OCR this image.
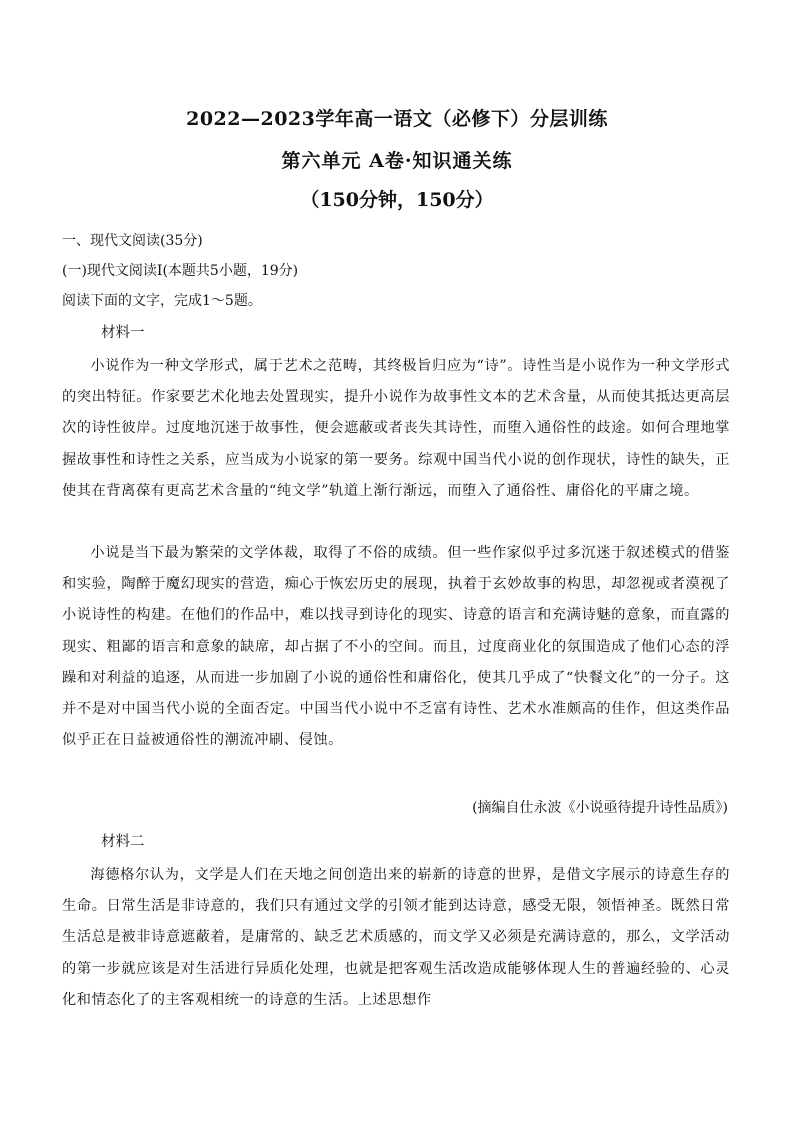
2022—2023学年高一语文（必修下）分层训练
第六单元 A卷·知识通关练
（150分钟，150分）
一、现代文阅读(35分)
(一)现代文阅读Ⅰ(本题共5小题，19分)
阅读下面的文字，完成1～5题。
材料一

小说作为一种文学形式，属于艺术之范畴，其终极旨归应为“诗”。诗性当是小说作为一种文学形式的突出特征。作家要艺术化地去处置现实，提升小说作为故事性文本的艺术含量，从而使其抵达更高层次的诗性彼岸。过度地沉迷于故事性，便会遮蔽或者丧失其诗性，而堕入通俗性的歧途。如何合理地掌握故事性和诗性之关系，应当成为小说家的第一要务。综观中国当代小说的创作现状，诗性的缺失，正使其在背离葆有更高艺术含量的“纯文学”轨道上渐行渐远，而堕入了通俗性、庸俗化的平庸之境。

小说是当下最为繁荣的文学体裁，取得了不俗的成绩。但一些作家似乎过多沉迷于叙述模式的借鉴和实验，陶醉于魔幻现实的营造，痴心于恢宏历史的展现，执着于玄妙故事的构思，却忽视或者漠视了小说诗性的构建。在他们的作品中，难以找寻到诗化的现实、诗意的语言和充满诗魅的意象，而直露的现实、粗鄙的语言和意象的缺席，却占据了不小的空间。而且，过度商业化的氛围造成了他们心态的浮躁和对利益的追逐，从而进一步加剧了小说的通俗性和庸俗化，使其几乎成了“快餐文化”的一分子。这并不是对中国当代小说的全面否定。中国当代小说中不乏富有诗性、艺术水准颇高的佳作，但这类作品似乎正在日益被通俗性的潮流冲刷、侵蚀。

(摘编自仕永波《小说亟待提升诗性品质》)
材料二

海德格尔认为，文学是人们在天地之间创造出来的崭新的诗意的世界，是借文字展示的诗意生存的生命。日常生活是非诗意的，我们只有通过文学的引领才能到达诗意，感受无限，领悟神圣。既然日常生活总是被非诗意遮蔽着，是庸常的、缺乏艺术质感的，而文学又必须是充满诗意的，那么，文学活动的第一步就应该是对生活进行异质化处理，也就是把客观生活改造成能够体现人生的普遍经验的、心灵化和情态化了的主客观相统一的诗意的生活。上述思想作
